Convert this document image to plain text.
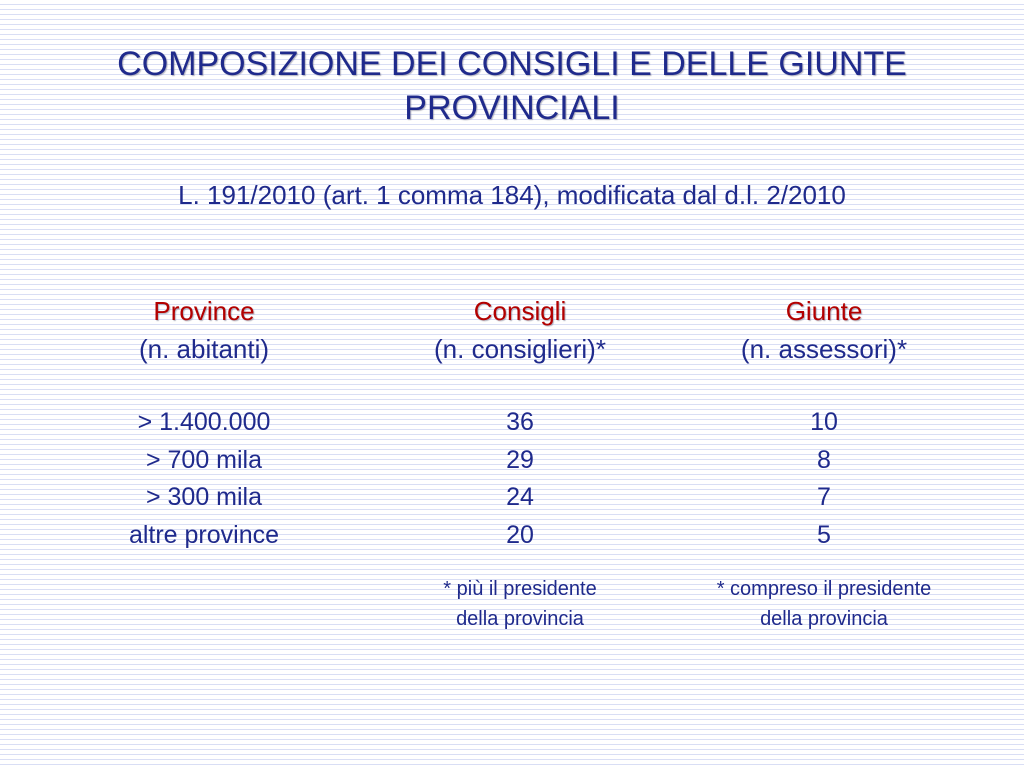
COMPOSIZIONE DEI CONSIGLI E DELLE GIUNTE
PROVINCIALI
L. 191/2010 (art. 1 comma 184), modificata dal d.l. 2/2010
Province
(n. abitanti)
> 1.400.000
> 700 mila
> 300 mila
altre province
Consigli
(n. consiglieri)*
36
29
24
20
* più il presidente
della provincia
Giunte
(n. assessori)*
10
8
7
5
* compreso il presidente
della provincia
